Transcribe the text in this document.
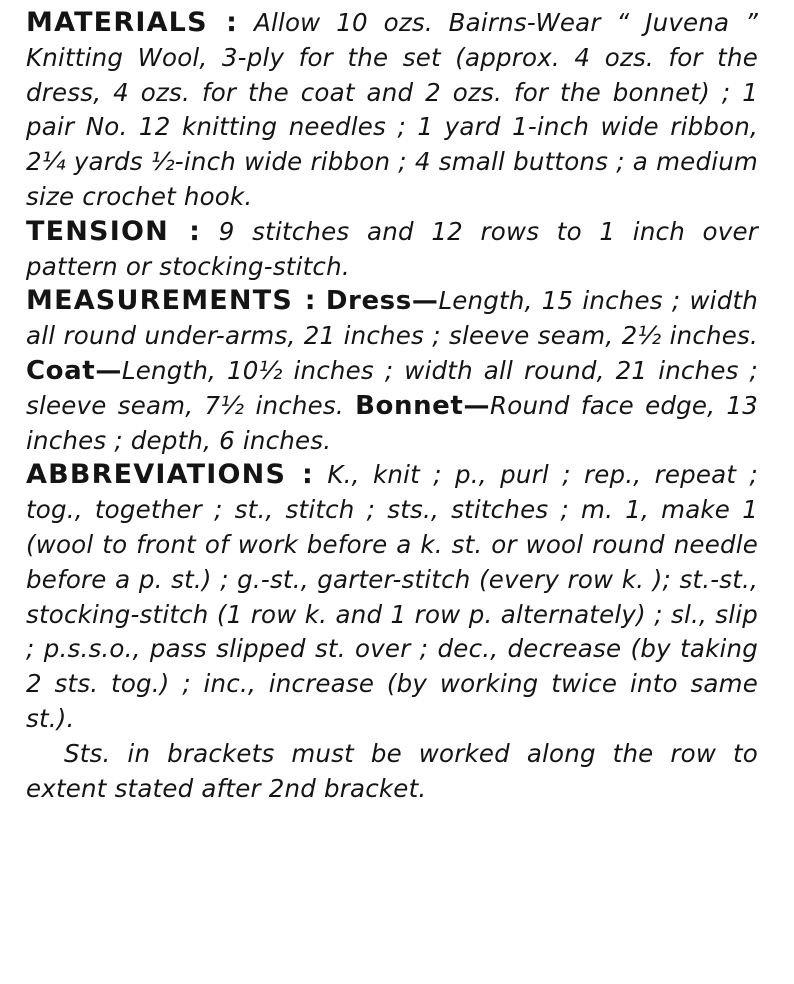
MATERIALS : Allow 10 ozs. Bairns-Wear “ Juvena ” Knitting Wool, 3-ply for the set (approx. 4 ozs. for the dress, 4 ozs. for the coat and 2 ozs. for the bonnet) ; 1 pair No. 12 knitting needles ; 1 yard 1-inch wide ribbon, 2¼ yards ½-inch wide ribbon ; 4 small buttons ; a medium size crochet hook.

TENSION : 9 stitches and 12 rows to 1 inch over pattern or stocking-stitch.

MEASUREMENTS : Dress—Length, 15 inches ; width all round under-arms, 21 inches ; sleeve seam, 2½ inches. Coat—Length, 10½ inches ; width all round, 21 inches ; sleeve seam, 7½ inches. Bonnet—Round face edge, 13 inches ; depth, 6 inches.

ABBREVIATIONS : K., knit ; p., purl ; rep., repeat ; tog., together ; st., stitch ; sts., stitches ; m. 1, make 1 (wool to front of work before a k. st. or wool round needle before a p. st.) ; g.-st., garter-stitch (every row k. ); st.-st., stocking-stitch (1 row k. and 1 row p. alternately) ; sl., slip ; p.s.s.o., pass slipped st. over ; dec., decrease (by taking 2 sts. tog.) ; inc., increase (by working twice into same st.).

Sts. in brackets must be worked along the row to extent stated after 2nd bracket.
